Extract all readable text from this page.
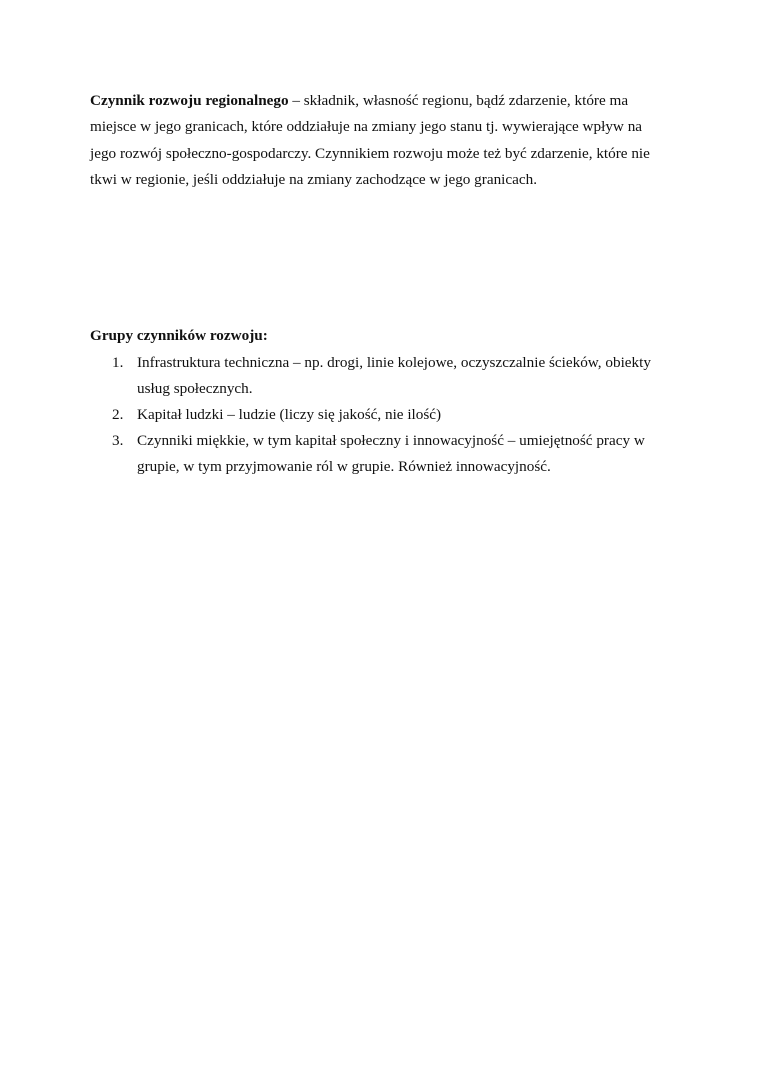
Czynnik rozwoju regionalnego – składnik, własność regionu, bądź zdarzenie, które ma miejsce w jego granicach, które oddziałuje na zmiany jego stanu tj. wywierające wpływ na jego rozwój społeczno-gospodarczy. Czynnikiem rozwoju może też być zdarzenie, które nie tkwi w regionie, jeśli oddziałuje na zmiany zachodzące w jego granicach.

Grupy czynników rozwoju:

1. Infrastruktura techniczna – np. drogi, linie kolejowe, oczyszczalnie ścieków, obiekty usług społecznych.
2. Kapitał ludzki – ludzie (liczy się jakość, nie ilość)
3. Czynniki miękkie, w tym kapitał społeczny i innowacyjność – umiejętność pracy w grupie, w tym przyjmowanie ról w grupie. Również innowacyjność.
